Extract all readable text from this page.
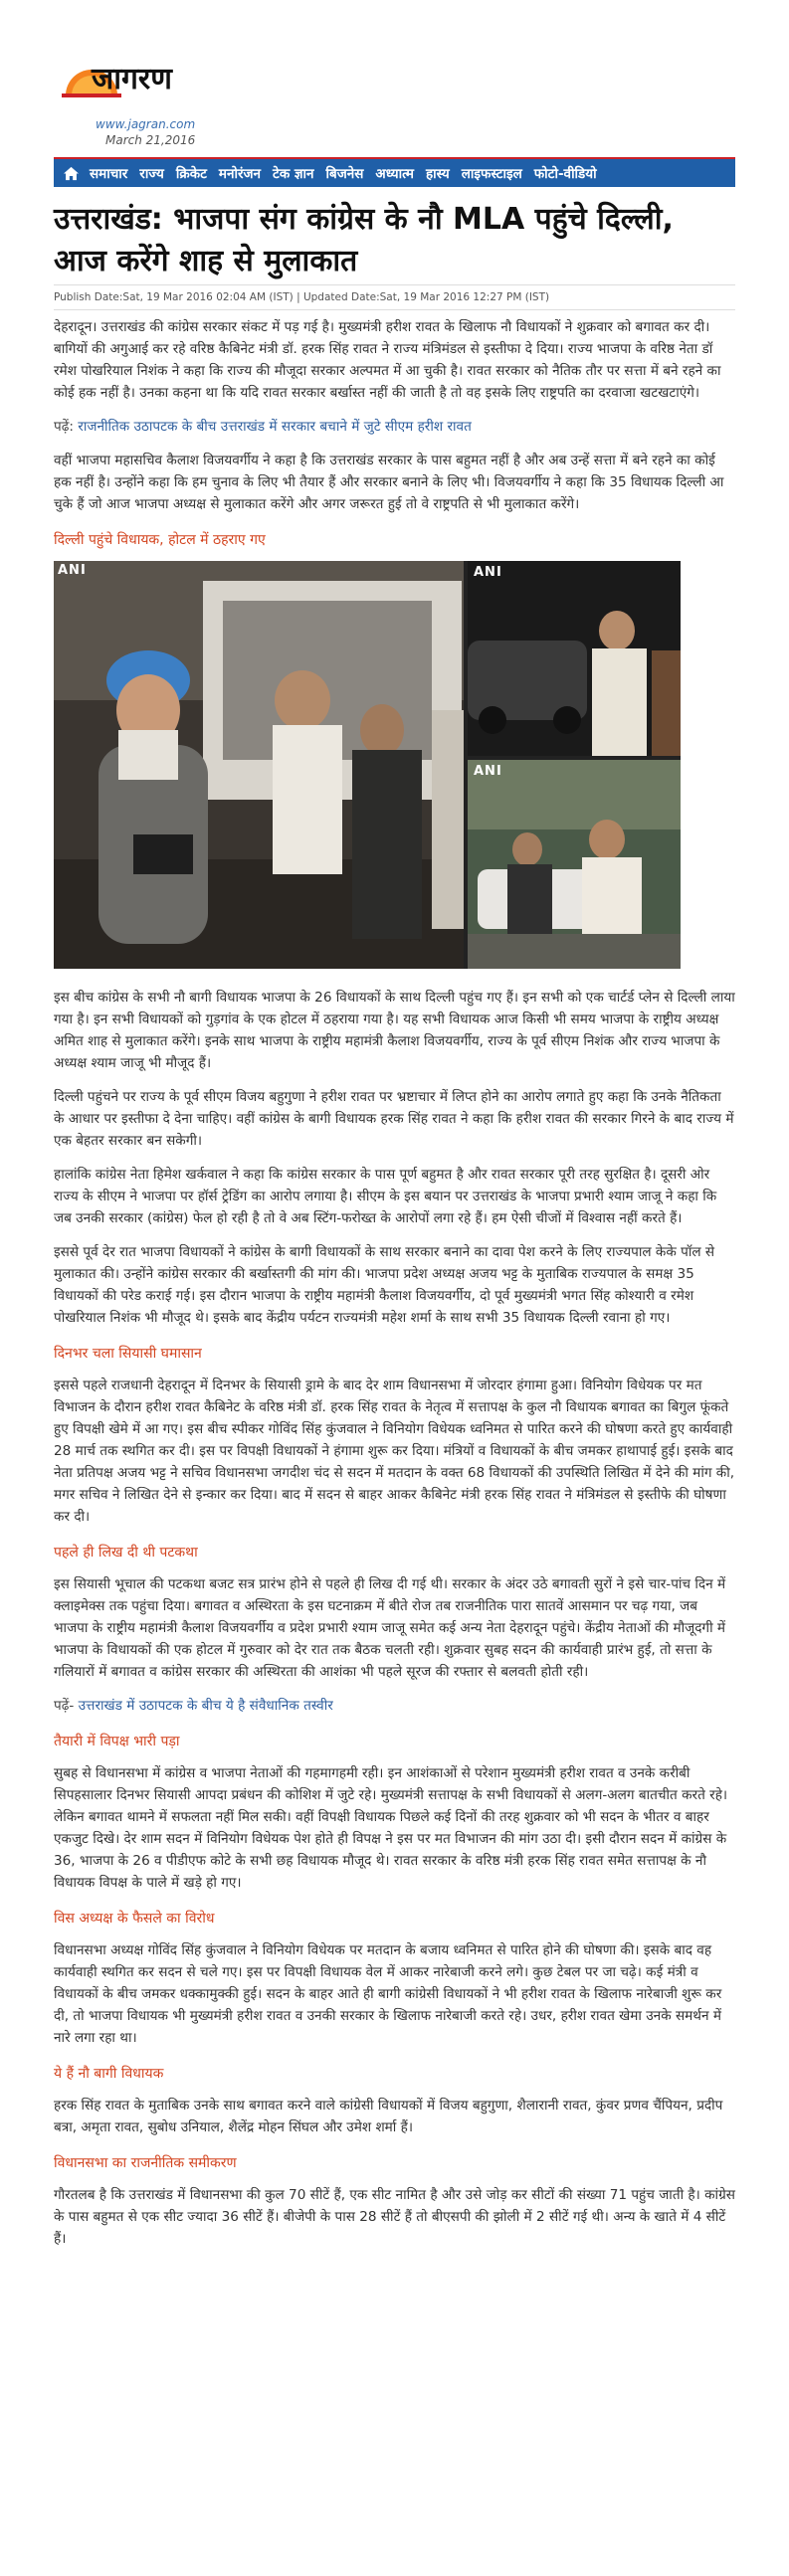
जागरण
www.jagran.com
March 21,2016
समाचार राज्य क्रिकेट मनोरंजन टेक ज्ञान बिजनेस अध्यात्म हास्य लाइफस्टाइल फोटो-वीडियो
उत्तराखंड: भाजपा संग कांग्रेस के नौ MLA पहुंचे दिल्ली, आज करेंगे शाह से मुलाकात
Publish Date:Sat, 19 Mar 2016 02:04 AM (IST) | Updated Date:Sat, 19 Mar 2016 12:27 PM (IST)

देहरादून। उत्तराखंड की कांग्रेस सरकार संकट में पड़ गई है। मुख्यमंत्री हरीश रावत के खिलाफ नौ विधायकों ने शुक्रवार को बगावत कर दी। बागियों की अगुआई कर रहे वरिष्ठ कैबिनेट मंत्री डॉ. हरक सिंह रावत ने राज्य मंत्रिमंडल से इस्तीफा दे दिया। राज्य भाजपा के वरिष्ठ नेता डॉ रमेश पोखरियाल निशंक ने कहा कि राज्य की मौजूदा सरकार अल्पमत में आ चुकी है। रावत सरकार को नैतिक तौर पर सत्ता में बने रहने का कोई हक नहीं है। उनका कहना था कि यदि रावत सरकार बर्खास्त नहीं की जाती है तो वह इसके लिए राष्ट्रपति का दरवाजा खटखटाएंगे।

पढ़ें: राजनीतिक उठापटक के बीच उत्तराखंड में सरकार बचाने में जुटे सीएम हरीश रावत

वहीं भाजपा महासचिव कैलाश विजयवर्गीय ने कहा है कि उत्तराखंड सरकार के पास बहुमत नहीं है और अब उन्हें सत्ता में बने रहने का कोई हक नहीं है। उन्होंने कहा कि हम चुनाव के लिए भी तैयार हैं और सरकार बनाने के लिए भी। विजयवर्गीय ने कहा कि 35 विधायक दिल्ली आ चुके हैं जो आज भाजपा अध्यक्ष से मुलाकात करेंगे और अगर जरूरत हुई तो वे राष्ट्रपति से भी मुलाकात करेंगे।

दिल्ली पहुंचे विधायक, होटल में ठहराए गए
ANI	ANI
ANI

इस बीच कांग्रेस के सभी नौ बागी विधायक भाजपा के 26 विधायकों के साथ दिल्ली पहुंच गए हैं। इन सभी को एक चार्टर्ड प्लेन से दिल्ली लाया गया है। इन सभी विधायकों को गुड़गांव के एक होटल में ठहराया गया है। यह सभी विधायक आज किसी भी समय भाजपा के राष्ट्रीय अध्यक्ष अमित शाह से मुलाकात करेंगे। इनके साथ भाजपा के राष्ट्रीय महामंत्री कैलाश विजयवर्गीय, राज्य के पूर्व सीएम निशंक और राज्य भाजपा के अध्यक्ष श्याम जाजू भी मौजूद हैं।

दिल्ली पहुंचने पर राज्य के पूर्व सीएम विजय बहुगुणा ने हरीश रावत पर भ्रष्टाचार में लिप्त होने का आरोप लगाते हुए कहा कि उनके नैतिकता के आधार पर इस्तीफा दे देना चाहिए। वहीं कांग्रेस के बागी विधायक हरक सिंह रावत ने कहा कि हरीश रावत की सरकार गिरने के बाद राज्य में एक बेहतर सरकार बन सकेगी।

हालांकि कांग्रेस नेता हिमेश खर्कवाल ने कहा कि कांग्रेस सरकार के पास पूर्ण बहुमत है और रावत सरकार पूरी तरह सुरक्षित है। दूसरी ओर राज्य के सीएम ने भाजपा पर हॉर्स ट्रेडिंग का आरोप लगाया है। सीएम के इस बयान पर उत्तराखंड के भाजपा प्रभारी श्याम जाजू ने कहा कि जब उनकी सरकार (कांग्रेस) फेल हो रही है तो वे अब स्टिंग-फरोख्त के आरोपों लगा रहे हैं। हम ऐसी चीजों में विश्वास नहीं करते हैं।

इससे पूर्व देर रात भाजपा विधायकों ने कांग्रेस के बागी विधायकों के साथ सरकार बनाने का दावा पेश करने के लिए राज्यपाल केके पॉल से मुलाकात की। उन्होंने कांग्रेस सरकार की बर्खास्तगी की मांग की। भाजपा प्रदेश अध्यक्ष अजय भट्ट के मुताबिक राज्यपाल के समक्ष 35 विधायकों की परेड कराई गई। इस दौरान भाजपा के राष्ट्रीय महामंत्री कैलाश विजयवर्गीय, दो पूर्व मुख्यमंत्री भगत सिंह कोश्यारी व रमेश पोखरियाल निशंक भी मौजूद थे। इसके बाद केंद्रीय पर्यटन राज्यमंत्री महेश शर्मा के साथ सभी 35 विधायक दिल्ली रवाना हो गए।

दिनभर चला सियासी घमासान

इससे पहले राजधानी देहरादून में दिनभर के सियासी ड्रामे के बाद देर शाम विधानसभा में जोरदार हंगामा हुआ। विनियोग विधेयक पर मत विभाजन के दौरान हरीश रावत कैबिनेट के वरिष्ठ मंत्री डॉ. हरक सिंह रावत के नेतृत्व में सत्तापक्ष के कुल नौ विधायक बगावत का बिगुल फूंकते हुए विपक्षी खेमे में आ गए। इस बीच स्पीकर गोविंद सिंह कुंजवाल ने विनियोग विधेयक ध्वनिमत से पारित करने की घोषणा करते हुए कार्यवाही 28 मार्च तक स्थगित कर दी। इस पर विपक्षी विधायकों ने हंगामा शुरू कर दिया। मंत्रियों व विधायकों के बीच जमकर हाथापाई हुई। इसके बाद नेता प्रतिपक्ष अजय भट्ट ने सचिव विधानसभा जगदीश चंद से सदन में मतदान के वक्त 68 विधायकों की उपस्थिति लिखित में देने की मांग की, मगर सचिव ने लिखित देने से इन्कार कर दिया। बाद में सदन से बाहर आकर कैबिनेट मंत्री हरक सिंह रावत ने मंत्रिमंडल से इस्तीफे की घोषणा कर दी।

पहले ही लिख दी थी पटकथा

इस सियासी भूचाल की पटकथा बजट सत्र प्रारंभ होने से पहले ही लिख दी गई थी। सरकार के अंदर उठे बगावती सुरों ने इसे चार-पांच दिन में क्लाइमेक्स तक पहुंचा दिया। बगावत व अस्थिरता के इस घटनाक्रम में बीते रोज तब राजनीतिक पारा सातवें आसमान पर चढ़ गया, जब भाजपा के राष्ट्रीय महामंत्री कैलाश विजयवर्गीय व प्रदेश प्रभारी श्याम जाजू समेत कई अन्य नेता देहरादून पहुंचे। केंद्रीय नेताओं की मौजूदगी में भाजपा के विधायकों की एक होटल में गुरुवार को देर रात तक बैठक चलती रही। शुक्रवार सुबह सदन की कार्यवाही प्रारंभ हुई, तो सत्ता के गलियारों में बगावत व कांग्रेस सरकार की अस्थिरता की आशंका भी पहले सूरज की रफ्तार से बलवती होती रही।

पढ़ें- उत्तराखंड में उठापटक के बीच ये है संवैधानिक तस्वीर
तैयारी में विपक्ष भारी पड़ा

सुबह से विधानसभा में कांग्रेस व भाजपा नेताओं की गहमागहमी रही। इन आशंकाओं से परेशान मुख्यमंत्री हरीश रावत व उनके करीबी सिपहसालार दिनभर सियासी आपदा प्रबंधन की कोशिश में जुटे रहे। मुख्यमंत्री सत्तापक्ष के सभी विधायकों से अलग-अलग बातचीत करते रहे। लेकिन बगावत थामने में सफलता नहीं मिल सकी। वहीं विपक्षी विधायक पिछले कई दिनों की तरह शुक्रवार को भी सदन के भीतर व बाहर एकजुट दिखे। देर शाम सदन में विनियोग विधेयक पेश होते ही विपक्ष ने इस पर मत विभाजन की मांग उठा दी। इसी दौरान सदन में कांग्रेस के 36, भाजपा के 26 व पीडीएफ कोटे के सभी छह विधायक मौजूद थे। रावत सरकार के वरिष्ठ मंत्री हरक सिंह रावत समेत सत्तापक्ष के नौ विधायक विपक्ष के पाले में खड़े हो गए।

विस अध्यक्ष के फैसले का विरोध

विधानसभा अध्यक्ष गोविंद सिंह कुंजवाल ने विनियोग विधेयक पर मतदान के बजाय ध्वनिमत से पारित होने की घोषणा की। इसके बाद वह कार्यवाही स्थगित कर सदन से चले गए। इस पर विपक्षी विधायक वेल में आकर नारेबाजी करने लगे। कुछ टेबल पर जा चढ़े। कई मंत्री व विधायकों के बीच जमकर धक्कामुक्की हुई। सदन के बाहर आते ही बागी कांग्रेसी विधायकों ने भी हरीश रावत के खिलाफ नारेबाजी शुरू कर दी, तो भाजपा विधायक भी मुख्यमंत्री हरीश रावत व उनकी सरकार के खिलाफ नारेबाजी करते रहे। उधर, हरीश रावत खेमा उनके समर्थन में नारे लगा रहा था।

ये हैं नौ बागी विधायक

हरक सिंह रावत के मुताबिक उनके साथ बगावत करने वाले कांग्रेसी विधायकों में विजय बहुगुणा, शैलारानी रावत, कुंवर प्रणव चैंपियन, प्रदीप बत्रा, अमृता रावत, सुबोध उनियाल, शैलेंद्र मोहन सिंघल और उमेश शर्मा हैं।

विधानसभा का राजनीतिक समीकरण

गौरतलब है कि उत्तराखंड में विधानसभा की कुल 70 सीटें हैं, एक सीट नामित है और उसे जोड़ कर सीटों की संख्या 71 पहुंच जाती है। कांग्रेस के पास बहुमत से एक सीट ज्यादा 36 सीटें हैं। बीजेपी के पास 28 सीटें हैं तो बीएसपी की झोली में 2 सीटें गई थी। अन्य के खाते में 4 सीटें हैं।
